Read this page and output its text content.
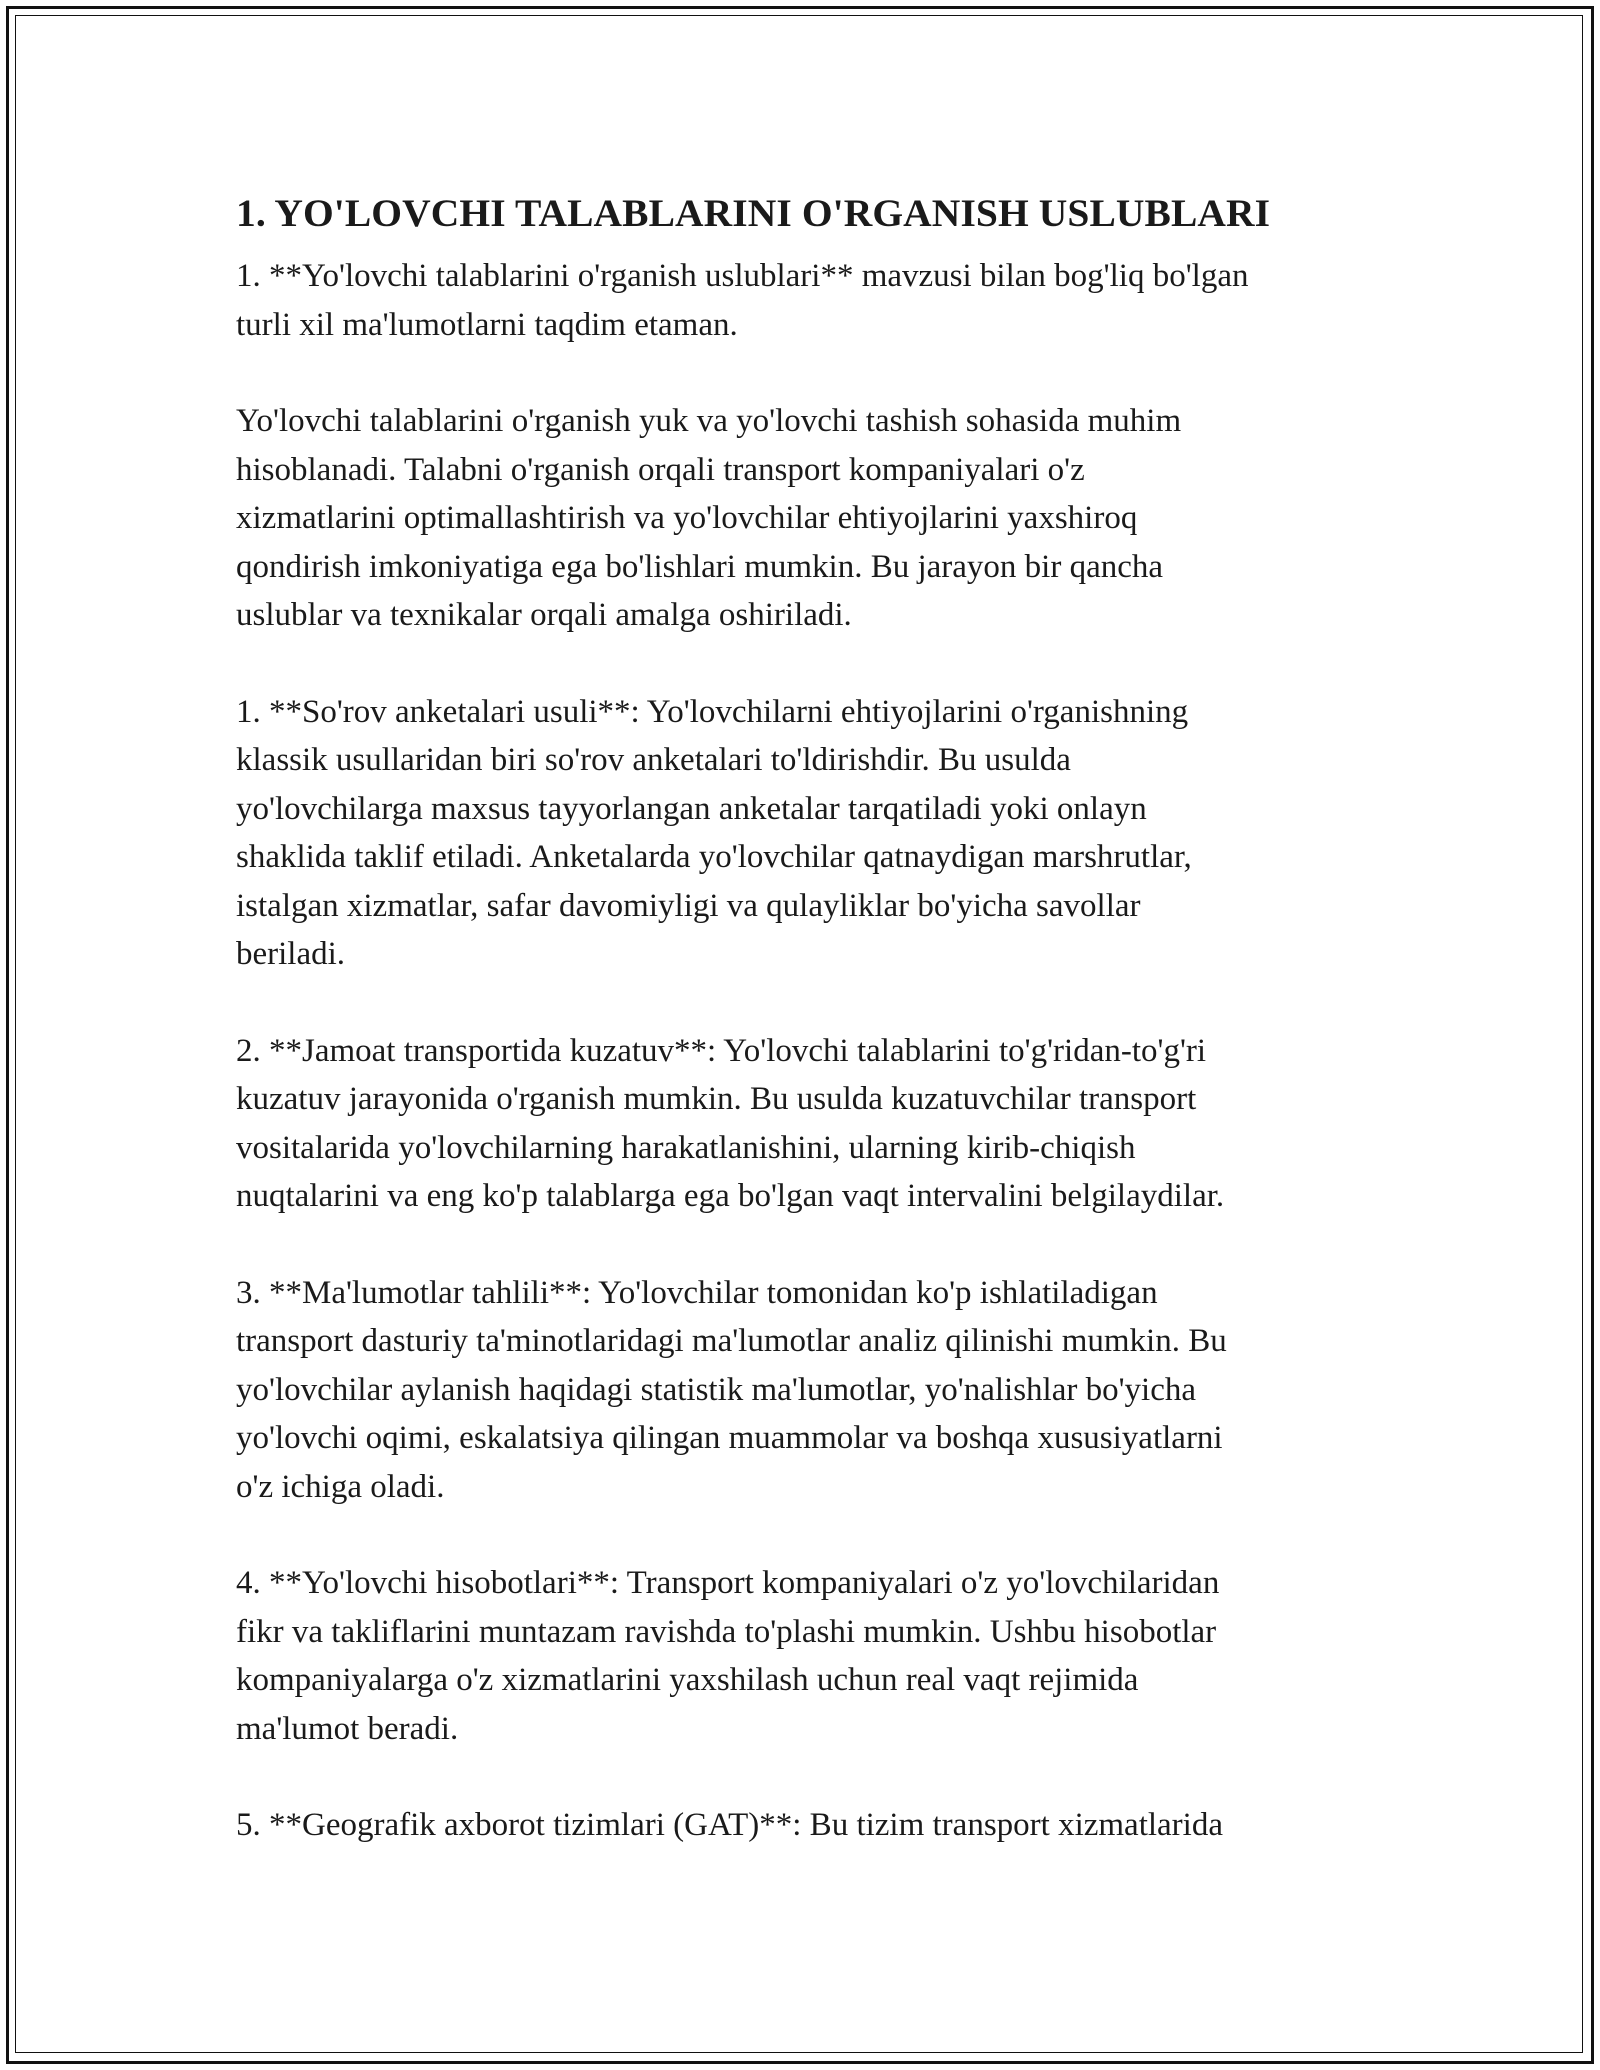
1. YO'LOVCHI TALABLARINI O'RGANISH USLUBLARI

1. **Yo'lovchi talablarini o'rganish uslublari** mavzusi bilan bog'liq bo'lgan
turli xil ma'lumotlarni taqdim etaman.

Yo'lovchi talablarini o'rganish yuk va yo'lovchi tashish sohasida muhim
hisoblanadi. Talabni o'rganish orqali transport kompaniyalari o'z
xizmatlarini optimallashtirish va yo'lovchilar ehtiyojlarini yaxshiroq
qondirish imkoniyatiga ega bo'lishlari mumkin. Bu jarayon bir qancha
uslublar va texnikalar orqali amalga oshiriladi.

1. **So'rov anketalari usuli**: Yo'lovchilarni ehtiyojlarini o'rganishning
klassik usullaridan biri so'rov anketalari to'ldirishdir. Bu usulda
yo'lovchilarga maxsus tayyorlangan anketalar tarqatiladi yoki onlayn
shaklida taklif etiladi. Anketalarda yo'lovchilar qatnaydigan marshrutlar,
istalgan xizmatlar, safar davomiyligi va qulayliklar bo'yicha savollar
beriladi.

2. **Jamoat transportida kuzatuv**: Yo'lovchi talablarini to'g'ridan-to'g'ri
kuzatuv jarayonida o'rganish mumkin. Bu usulda kuzatuvchilar transport
vositalarida yo'lovchilarning harakatlanishini, ularning kirib-chiqish
nuqtalarini va eng ko'p talablarga ega bo'lgan vaqt intervalini belgilaydilar.

3. **Ma'lumotlar tahlili**: Yo'lovchilar tomonidan ko'p ishlatiladigan
transport dasturiy ta'minotlaridagi ma'lumotlar analiz qilinishi mumkin. Bu
yo'lovchilar aylanish haqidagi statistik ma'lumotlar, yo'nalishlar bo'yicha
yo'lovchi oqimi, eskalatsiya qilingan muammolar va boshqa xususiyatlarni
o'z ichiga oladi.

4. **Yo'lovchi hisobotlari**: Transport kompaniyalari o'z yo'lovchilaridan
fikr va takliflarini muntazam ravishda to'plashi mumkin. Ushbu hisobotlar
kompaniyalarga o'z xizmatlarini yaxshilash uchun real vaqt rejimida
ma'lumot beradi.

5. **Geografik axborot tizimlari (GAT)**: Bu tizim transport xizmatlarida
